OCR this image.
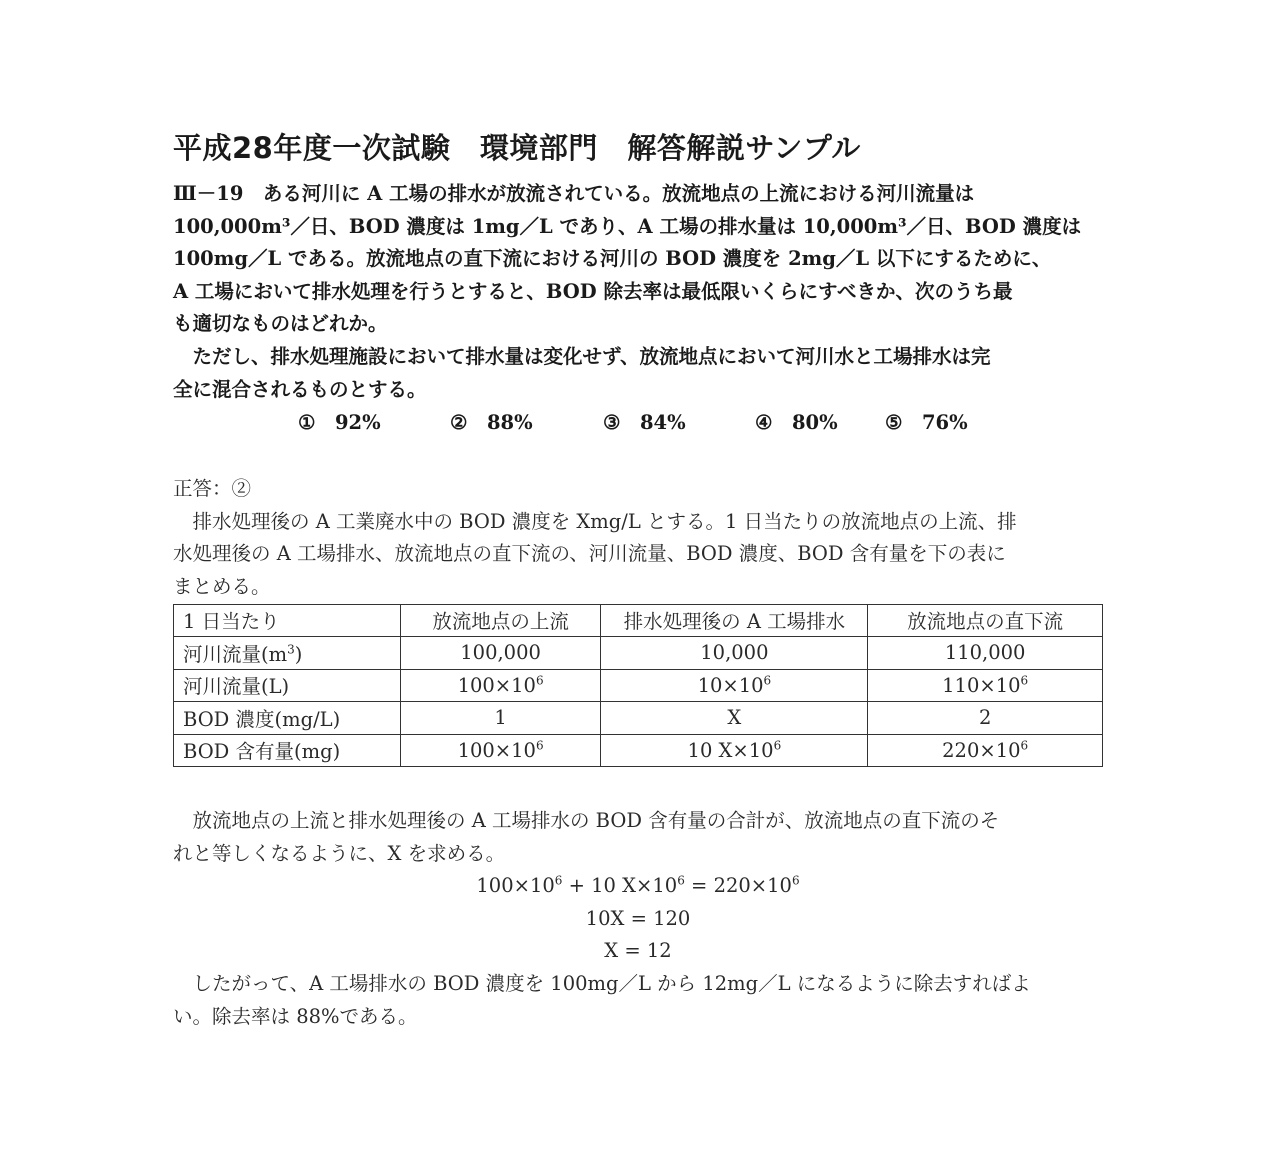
平成28年度一次試験　環境部門　解答解説サンプル

Ⅲ－19　ある河川に A 工場の排水が放流されている。放流地点の上流における河川流量は

100,000m³／日、BOD 濃度は 1mg／L であり、A 工場の排水量は 10,000m³／日、BOD 濃度は

100mg／L である。放流地点の直下流における河川の BOD 濃度を 2mg／L 以下にするために、

A 工場において排水処理を行うとすると、BOD 除去率は最低限いくらにすべきか、次のうち最

も適切なものはどれか。

ただし、排水処理施設において排水量は変化せず、放流地点において河川水と工場排水は完

全に混合されるものとする。

①　92%	②　88%	③　84%	④　80%	⑤　76%

正答：②

排水処理後の A 工業廃水中の BOD 濃度を Xmg/L とする。1 日当たりの放流地点の上流、排

水処理後の A 工場排水、放流地点の直下流の、河川流量、BOD 濃度、BOD 含有量を下の表に

まとめる。

1 日当たり	放流地点の上流	排水処理後の A 工場排水	放流地点の直下流
河川流量$(m^3)$	100,000	10,000	110,000
河川流量(L)	$100\times 10^6$	$10\times 10^6$	$110\times 10^6$
BOD 濃度(mg/L)	1	X	2
BOD 含有量(mg)	$100\times 10^6$	10 $X\times 10^6$	$220\times 10^6$

放流地点の上流と排水処理後の A 工場排水の BOD 含有量の合計が、放流地点の直下流のそ

れと等しくなるように、X を求める。

$100\times 10^6 + 10$ $X\times 10^6 = 220\times 10^6$

10X = 120

X = 12

したがって、A 工場排水の BOD 濃度を 100mg／L から 12mg／L になるように除去すればよ

い。除去率は 88%である。
